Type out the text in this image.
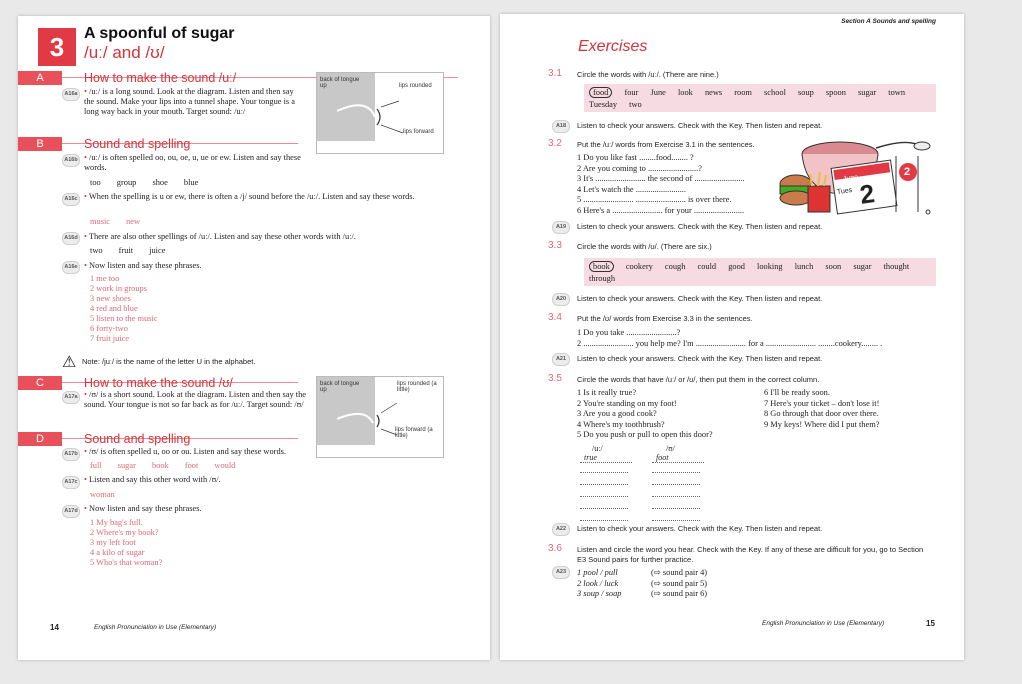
3	A spoonful of sugar
/uː/ and /ʊ/
A	How to make the sound /uː/
A16a • /uː/ is a long sound. Look at the diagram. Listen and then say the sound. Make your lips into a tunnel shape. Your tongue is a long way back in your mouth. Target sound: /uː/
back of tongue up	lips rounded
lips forward
B	Sound and spelling
A16b • /uː/ is often spelled oo, ou, oe, u, ue or ew. Listen and say these words.
too group shoe blue
A16c • When the spelling is u or ew, there is often a /j/ sound before the /uː/. Listen and say these words.
music new
A16d • There are also other spellings of /uː/. Listen and say these other words with /uː/.
two fruit juice
A16e • Now listen and say these phrases.
1 me too
2 work in groups
3 new shoes
4 red and blue
5 listen to the music
6 forty-two
7 fruit juice
⚠ Note: /juː/ is the name of the letter U in the alphabet.
C	How to make the sound /ʊ/
A17a • /ʊ/ is a short sound. Look at the diagram. Listen and then say the sound. Your tongue is not so far back as for /uː/. Target sound: /ʊ/
back of tongue up
lips rounded (a little)
lips forward (a little)
D	Sound and spelling
A17b • /ʊ/ is often spelled u, oo or ou. Listen and say these words.
full sugar book foot would
A17c • Listen and say this other word with /ʊ/.
woman
A17d • Now listen and say these phrases.
1 My bag's full.
2 Where's my book?
3 my left foot
4 a kilo of sugar
5 Who's that woman?
14	English Pronunciation in Use (Elementary)
Section A Sounds and spelling
Exercises
3.1 Circle the words with /uː/. (There are nine.)
food four June look news room school soup spoon sugar town Tuesday two
A18	Listen to check your answers. Check with the Key. Then listen and repeat.
3.2 Put the /uː/ words from Exercise 3.1 in the sentences.
1 Do you like fast ........food........ ?
2 Are you coming to ........................?
3 It's ........................ the second of ........................
4 Let's watch the ........................
5 ........................ ........................ is over there.
6 Here's a ........................ for your ........................
June
Tues 2
2
A19	Listen to check your answers. Check with the Key. Then listen and repeat.
3.3 Circle the words with /ʊ/. (There are six.)
book cookery cough could good looking lunch soon sugar thought through
A20	Listen to check your answers. Check with the Key. Then listen and repeat.
3.4 Put the /ʊ/ words from Exercise 3.3 in the sentences.
1 Do you take ........................?
2 ........................ you help me? I'm ........................ for a ........................ ........cookery........ .
A21	Listen to check your answers. Check with the Key. Then listen and repeat.
3.5 Circle the words that have /uː/ or /ʊ/, then put them in the correct column.
1 Is it really true?
2 You're standing on my foot!
3 Are you a good cook?
4 Where's my toothbrush?
5 Do you push or pull to open this door?
6 I'll be ready soon.
7 Here's your ticket – don't lose it!
8 Go through that door over there.
9 My keys! Where did I put them?
/uː/
true
/ʊ/
foot
A22	Listen to check your answers. Check with the Key. Then listen and repeat.
3.6 Listen and circle the word you hear. Check with the Key. If any of these are difficult for you, go to Section E3 Sound pairs for further practice.
A23	1 pool / pull	(⇨ sound pair 4)
2 look / luck	(⇨ sound pair 5)
3 soup / soap	(⇨ sound pair 6)
English Pronunciation in Use (Elementary)	15
